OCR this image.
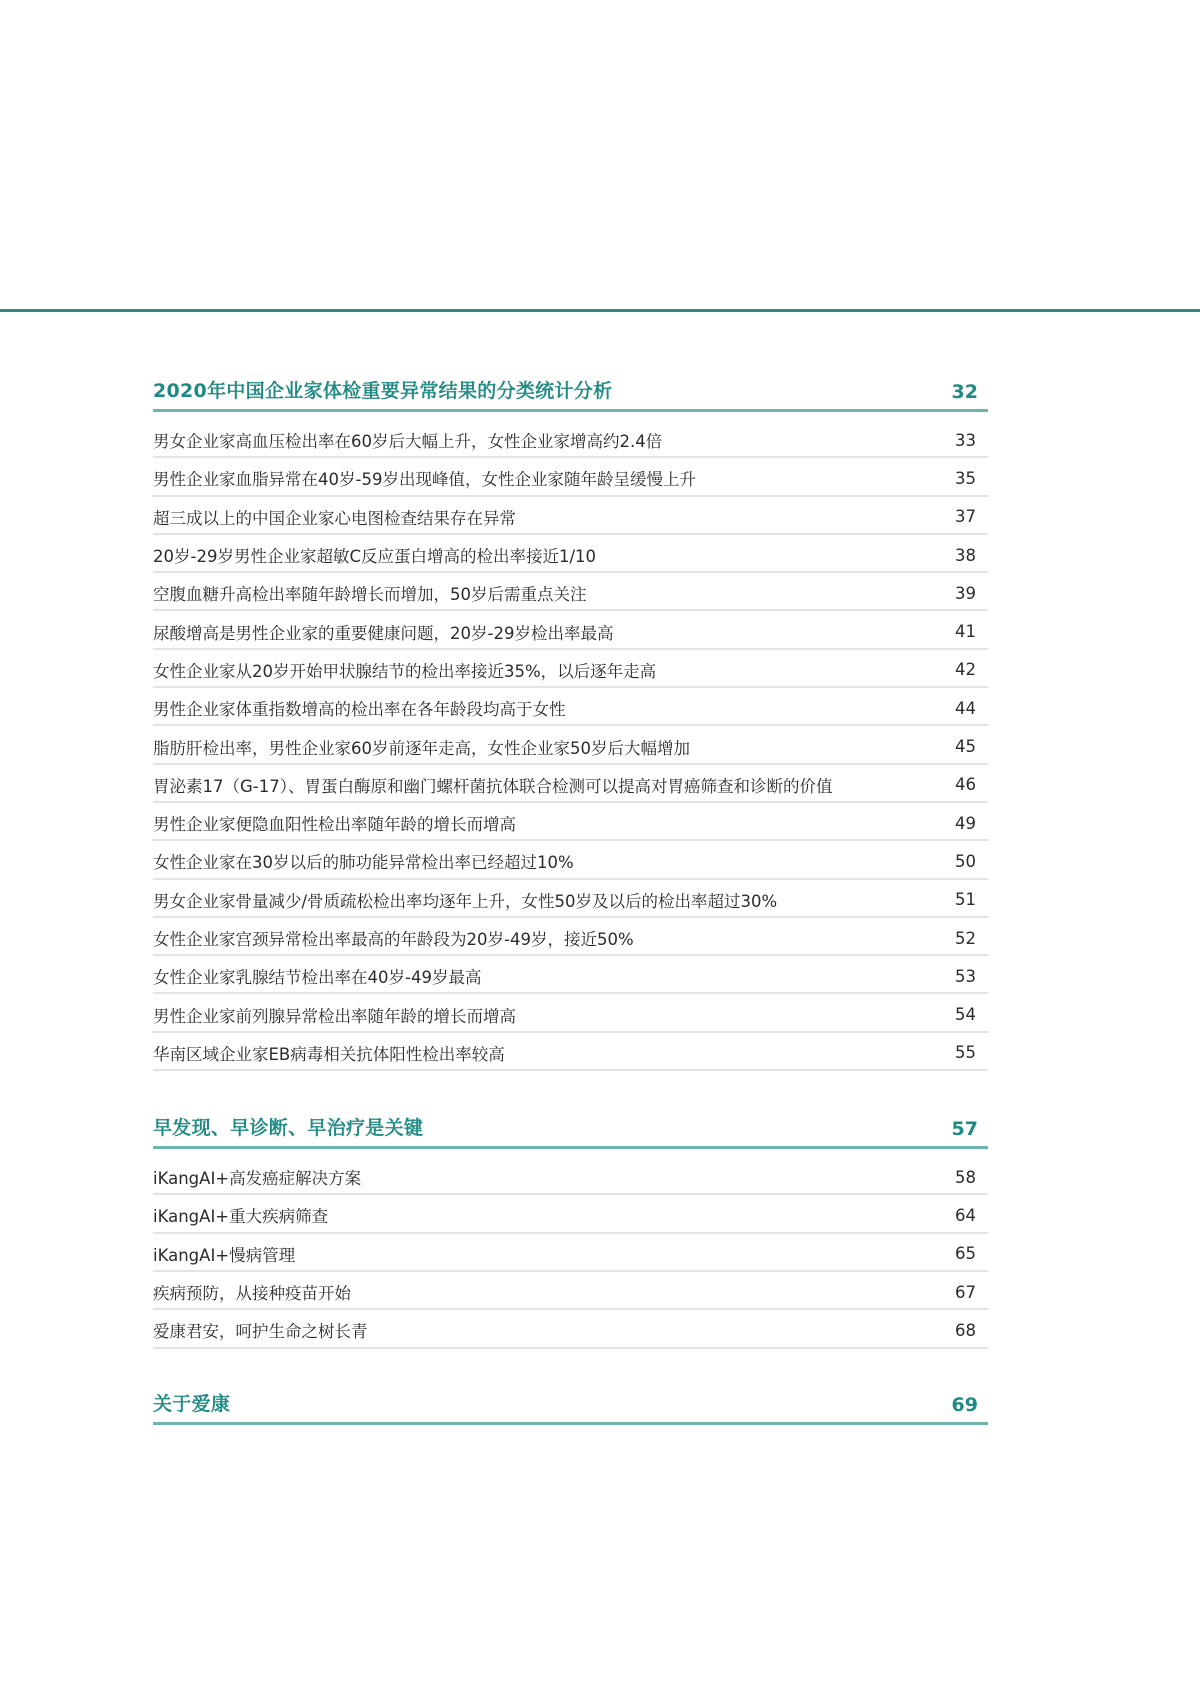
2020年中国企业家体检重要异常结果的分类统计分析	32
男女企业家高血压检出率在60岁后大幅上升，女性企业家增高约2.4倍	33
男性企业家血脂异常在40岁-59岁出现峰值，女性企业家随年龄呈缓慢上升	35
超三成以上的中国企业家心电图检查结果存在异常	37
20岁-29岁男性企业家超敏C反应蛋白增高的检出率接近1/10	38
空腹血糖升高检出率随年龄增长而增加，50岁后需重点关注	39
尿酸增高是男性企业家的重要健康问题，20岁-29岁检出率最高	41
女性企业家从20岁开始甲状腺结节的检出率接近35%，以后逐年走高	42
男性企业家体重指数增高的检出率在各年龄段均高于女性	44
脂肪肝检出率，男性企业家60岁前逐年走高，女性企业家50岁后大幅增加	45
胃泌素17（G-17）、胃蛋白酶原和幽门螺杆菌抗体联合检测可以提高对胃癌筛查和诊断的价值	46
男性企业家便隐血阳性检出率随年龄的增长而增高	49
女性企业家在30岁以后的肺功能异常检出率已经超过10%	50
男女企业家骨量减少/骨质疏松检出率均逐年上升，女性50岁及以后的检出率超过30%	51
女性企业家宫颈异常检出率最高的年龄段为20岁-49岁，接近50%	52
女性企业家乳腺结节检出率在40岁-49岁最高	53
男性企业家前列腺异常检出率随年龄的增长而增高	54
华南区域企业家EB病毒相关抗体阳性检出率较高	55
早发现、早诊断、早治疗是关键	57
iKangAI+高发癌症解决方案	58
iKangAI+重大疾病筛查	64
iKangAI+慢病管理	65
疾病预防，从接种疫苗开始	67
爱康君安，呵护生命之树长青	68
关于爱康	69
